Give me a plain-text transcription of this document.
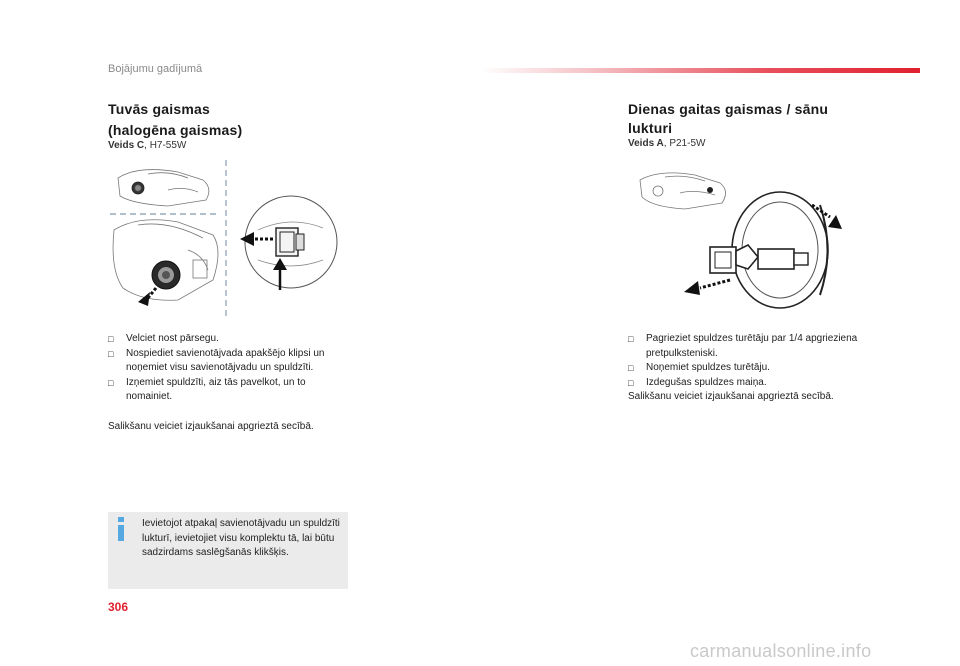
Bojājumu gadījumā
Tuvās gaismas
(halogēna gaismas)
Veids C, H7-55W
□ Velciet nost pārsegu.
□ Nospiediet savienotājvada apakšējo klipsi un noņemiet visu savienotājvadu un spuldzīti.
□ Izņemiet spuldzīti, aiz tās pavelkot, un to nomainiet.
Salikšanu veiciet izjaukšanai apgrieztā secībā.
Ievietojot atpakaļ savienotājvadu un spuldzīti lukturī, ievietojiet visu komplektu tā, lai būtu sadzirdams saslēgšanās klikšķis.
Dienas gaitas gaismas / sānu
lukturi
Veids A, P21-5W
□ Pagrieziet spuldzes turētāju par 1/4 apgrieziena pretpulksteniski.
□ Noņemiet spuldzes turētāju.
□ Izdegušas spuldzes maiņa.
Salikšanu veiciet izjaukšanai apgrieztā secībā.
306
carmanualsonline.info
